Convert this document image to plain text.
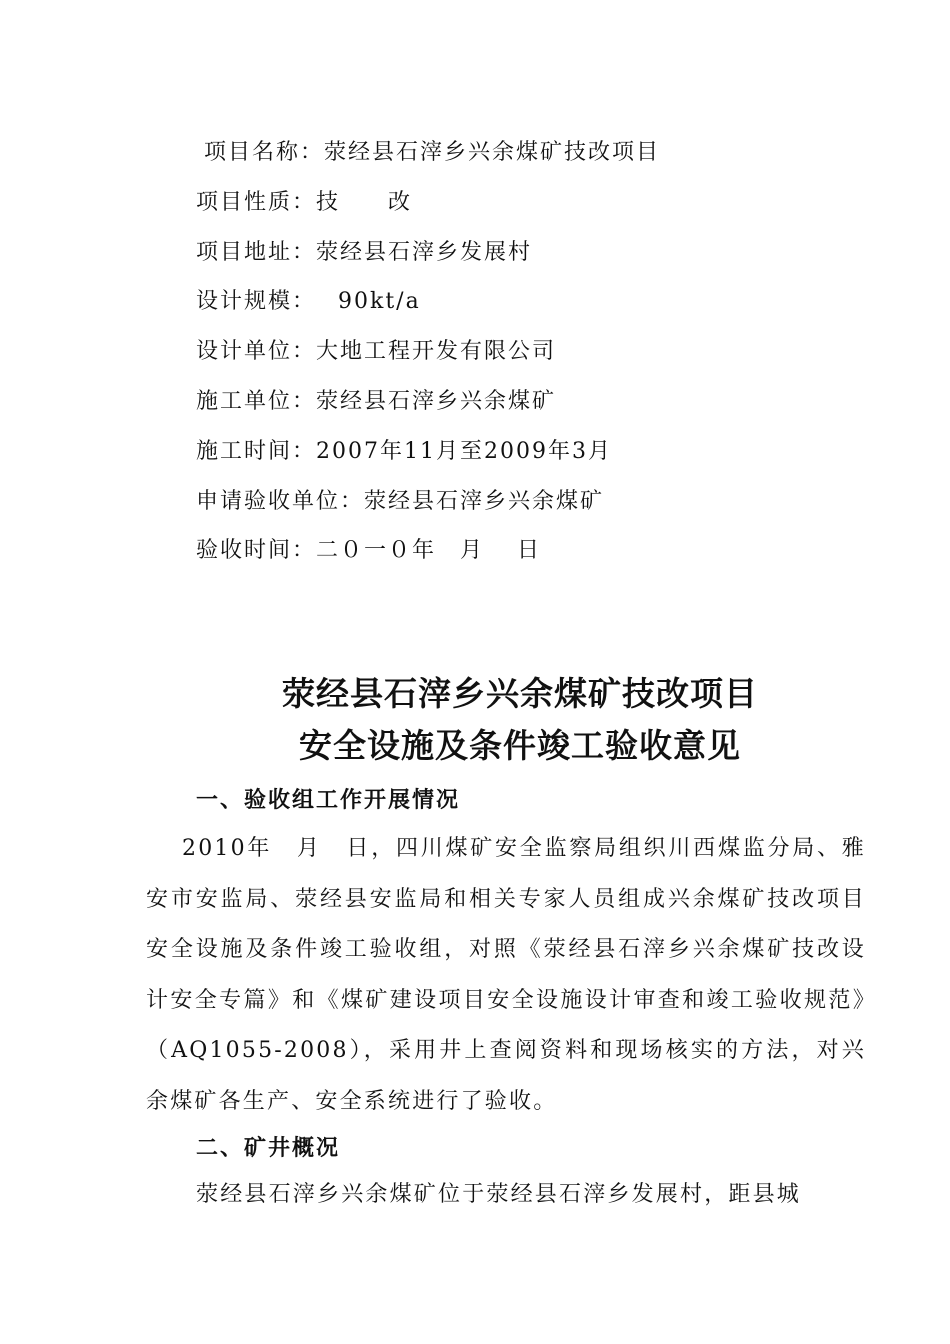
项目名称：荥经县石滓乡兴余煤矿技改项目
项目性质：技　　改
项目地址：荥经县石滓乡发展村
设计规模：　 90kt/a
设计单位：大地工程开发有限公司
施工单位：荥经县石滓乡兴余煤矿
施工时间：2007年11月至2009年3月
申请验收单位：荥经县石滓乡兴余煤矿
验收时间：二０一０年　月　 日
荥经县石滓乡兴余煤矿技改项目
安全设施及条件竣工验收意见
一、验收组工作开展情况
2010年　月　日，四川煤矿安全监察局组织川西煤监分局、雅安市安监局、荥经县安监局和相关专家人员组成兴余煤矿技改项目安全设施及条件竣工验收组，对照《荥经县石滓乡兴余煤矿技改设计安全专篇》和《煤矿建设项目安全设施设计审查和竣工验收规范》（AQ1055-2008），采用井上查阅资料和现场核实的方法，对兴余煤矿各生产、安全系统进行了验收。
二、矿井概况
荥经县石滓乡兴余煤矿位于荥经县石滓乡发展村，距县城
